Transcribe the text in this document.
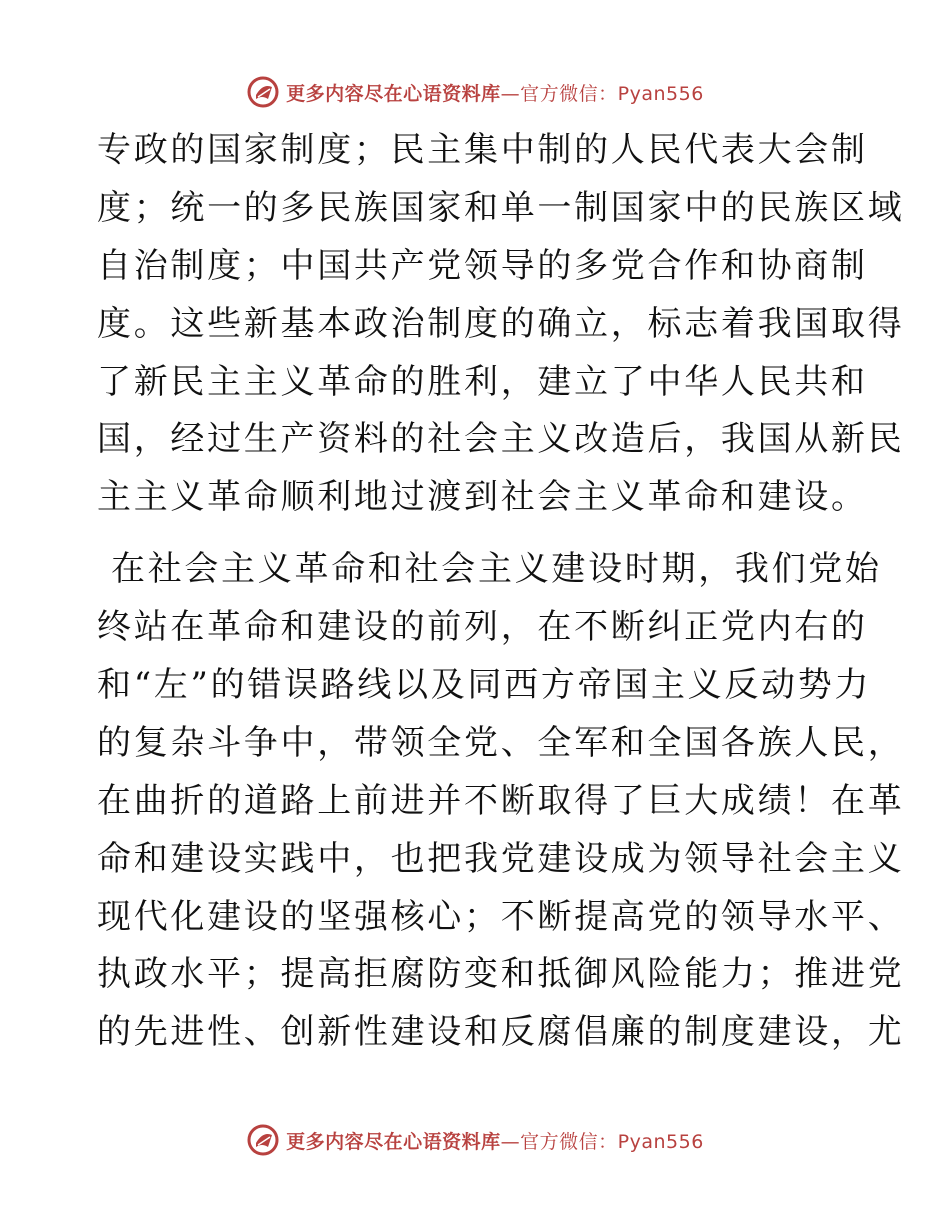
更多内容尽在心语资料库 —官方微信：Pyan556
专政的国家制度；民主集中制的人民代表大会制
度；统一的多民族国家和单一制国家中的民族区域
自治制度；中国共产党领导的多党合作和协商制
度。这些新基本政治制度的确立，标志着我国取得
了新民主主义革命的胜利，建立了中华人民共和
国，经过生产资料的社会主义改造后，我国从新民
主主义革命顺利地过渡到社会主义革命和建设。
在社会主义革命和社会主义建设时期，我们党始
终站在革命和建设的前列，在不断纠正党内右的
和“左”的错误路线以及同西方帝国主义反动势力
的复杂斗争中，带领全党、全军和全国各族人民，
在曲折的道路上前进并不断取得了巨大成绩！在革
命和建设实践中，也把我党建设成为领导社会主义
现代化建设的坚强核心；不断提高党的领导水平、
执政水平；提高拒腐防变和抵御风险能力；推进党
的先进性、创新性建设和反腐倡廉的制度建设，尤
更多内容尽在心语资料库 —官方微信：Pyan556
